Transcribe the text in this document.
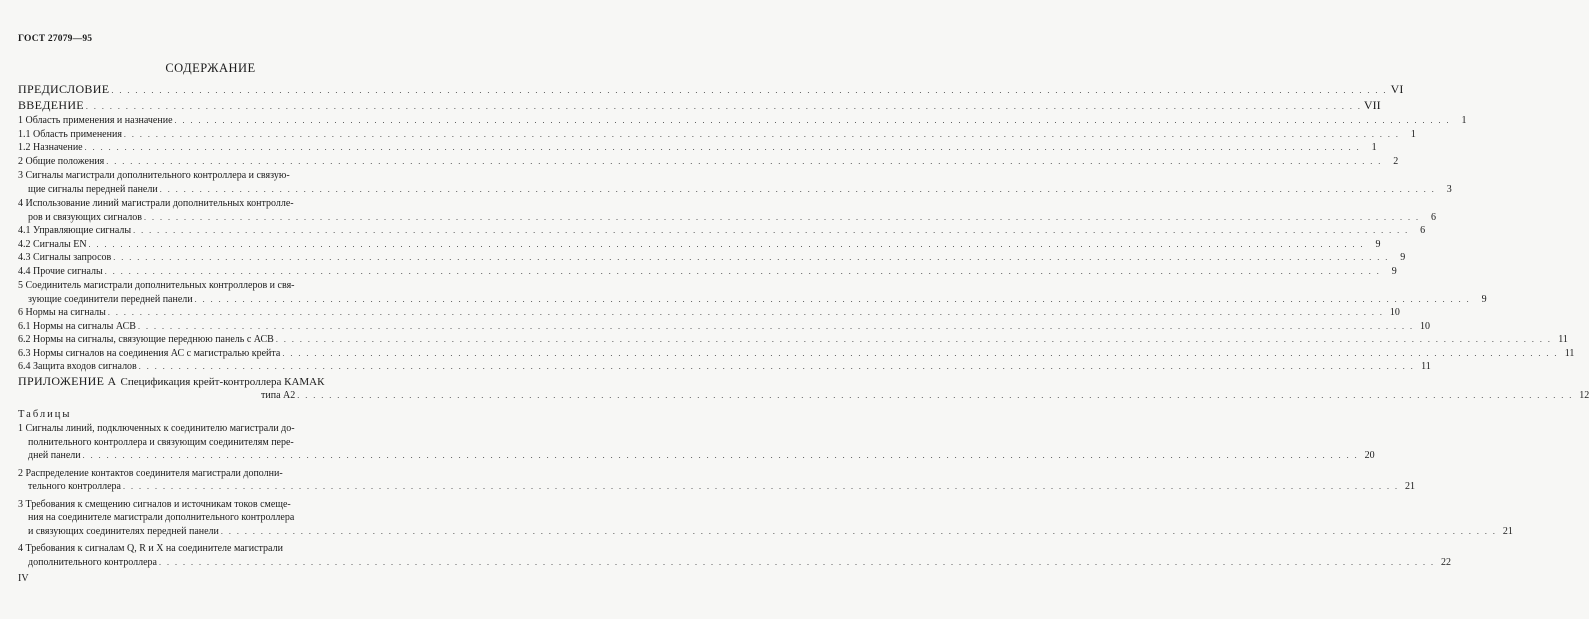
ГОСТ 27079—95
СОДЕРЖАНИЕ
ПРЕДИСЛОВИЕ . . .	VI
ВВЕДЕНИЕ . . .	VII
1 Область применения и назначение . . .	1
1.1 Область применения . . .	1
1.2 Назначение . . .	1
2 Общие положения . . .	2
3 Сигналы магистрали дополнительного контроллера и связую-
щие сигналы передней панели . . .	3
4 Использование линий магистрали дополнительных контролле-
ров и связующих сигналов . . .	6
4.1 Управляющие сигналы . . .	6
4.2 Сигналы EN . . .	9
4.3 Сигналы запросов . . .	9
4.4 Прочие сигналы . . .	9
5 Соединитель магистрали дополнительных контроллеров и свя-
зующие соединители передней панели . . .	9
6 Нормы на сигналы . . .	10
6.1 Нормы на сигналы АСВ . . .	10
6.2 Нормы на сигналы, связующие переднюю панель с АСВ . . .	11
6.3 Нормы сигналов на соединения АС с магистралью крейта . . .	11
6.4 Защита входов сигналов . . .	11
ПРИЛОЖЕНИЕ А Спецификация крейт-контроллера КАМАК
типа А2 . . .	12
Таблицы
1 Сигналы линий, подключенных к соединителю магистрали до-
полнительного контроллера и связующим соединителям пере-
дней панели . . .	20
2 Распределение контактов соединителя магистрали дополни-
тельного контроллера . . .	21
3 Требования к смещению сигналов и источникам токов смеще-
ния на соединителе магистрали дополнительного контроллера
и связующих соединителях передней панели . . .	21
4 Требования к сигналам Q, R и X на соединителе магистрали
дополнительного контроллера . . .	22
IV
